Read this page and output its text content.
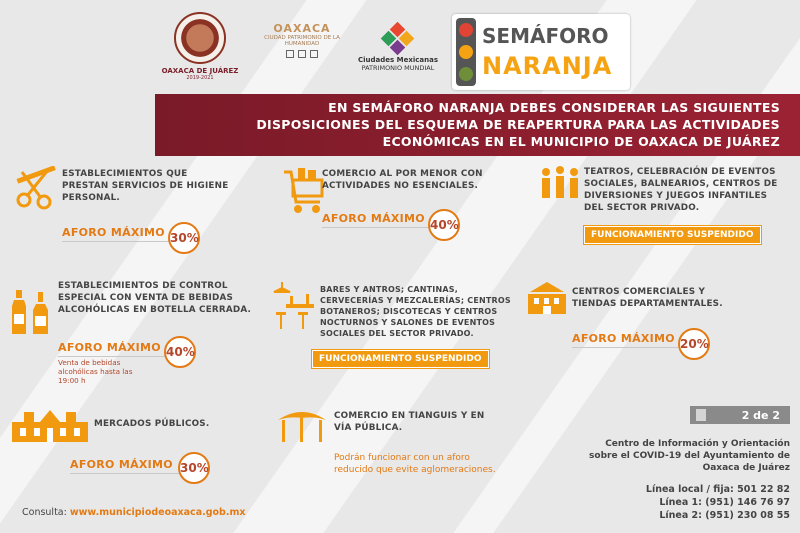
OAXACA DE JUÁREZ
2019-2021
OAXACA
CIUDAD PATRIMONIO DE LA HUMANIDAD
Ciudades Mexicanas
PATRIMONIO MUNDIAL
SEMÁFORO
NARANJA
EN SEMÁFORO NARANJA DEBES CONSIDERAR LAS SIGUIENTES
DISPOSICIONES DEL ESQUEMA DE REAPERTURA PARA LAS ACTIVIDADES
ECONÓMICAS EN EL MUNICIPIO DE OAXACA DE JUÁREZ
ESTABLECIMIENTOS QUE
PRESTAN SERVICIOS DE HIGIENE
PERSONAL.
AFORO MÁXIMO 30%
COMERCIO AL POR MENOR CON
ACTIVIDADES NO ESENCIALES.
AFORO MÁXIMO 40%
TEATROS, CELEBRACIÓN DE EVENTOS
SOCIALES, BALNEARIOS, CENTROS DE
DIVERSIONES Y JUEGOS INFANTILES
DEL SECTOR PRIVADO.
FUNCIONAMIENTO SUSPENDIDO
ESTABLECIMIENTOS DE CONTROL
ESPECIAL CON VENTA DE BEBIDAS
ALCOHÓLICAS EN BOTELLA CERRADA.
AFORO MÁXIMO 40%
Venta de bebidas
alcohólicas hasta las
19:00 h
BARES Y ANTROS; CANTINAS,
CERVECERÍAS Y MEZCALERÍAS; CENTROS
BOTANEROS; DISCOTECAS Y CENTROS
NOCTURNOS Y SALONES DE EVENTOS
SOCIALES DEL SECTOR PRIVADO.
FUNCIONAMIENTO SUSPENDIDO
CENTROS COMERCIALES Y
TIENDAS DEPARTAMENTALES.
AFORO MÁXIMO 20%
MERCADOS PÚBLICOS.
AFORO MÁXIMO 30%
COMERCIO EN TIANGUIS Y EN
VÍA PÚBLICA.
Podrán funcionar con un aforo
reducido que evite aglomeraciones.
2 de 2
Centro de Información y Orientación
sobre el COVID-19 del Ayuntamiento de
Oaxaca de Juárez
Línea local / fija: 501 22 82
Línea 1: (951) 146 76 97
Línea 2: (951) 230 08 55
Consulta: www.municipiodeoaxaca.gob.mx
